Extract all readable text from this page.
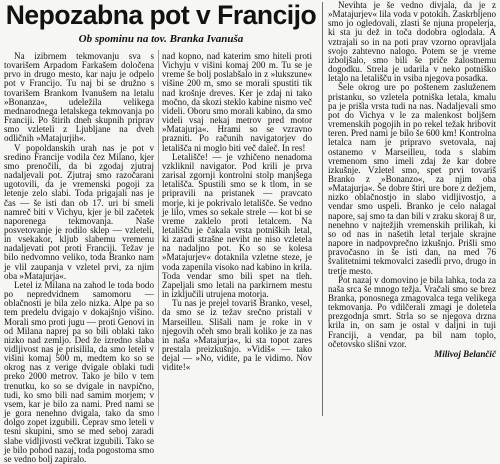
Nepozabna pot v Francijo
Ob spominu na tov. Branka Ivanuša

Na izibrnem tekmovanju sva s tovarišem Arpadom Farkašem določena prvo in drugo mesto, kar naju je odpelo pot v Francijo. Tu naj bi se družno s tovarišem Brankom Ivanušem na letalu »Bonanza«, udeležila velikega mednarodnega letalskega tekmovanja po Franciji. Po štirih dneh skupnih priprav smo vzleteli z Ljubljane na dveh odličnih »Matajurjih«.

V popoldanskih urah nas je pot v sredino Francije vodila čez Milano, kjer smo prenočili, da bi zgodaj zjutraj nadaljevali pot. Zjutraj smo razočarani ugotovili, da je vremenski pogoji za letenje zelo slabi. Toda prigajali nas je čas — še isti dan ob 17. uri bi smeli namreč biti v Vichyu, kjer je bil začetek naporenega tekmovanja. Naše posvetovanje je rodilo sklep — vzleteli, in vsekakor, kljub slabemu vremenu nadaljevati pot proti Franciji. Težav je bilo nedvomno veliko, toda Branko nam je vlil zaupanja v vzletel prvi, za njim oba »Matajurja«.

Letel iz Milana na zahod le toda bodo po nepredvidnem samomoru — oblačnosti je bila zelo nizka. Alpe pa so tem predelu dvigajo v dokajšnjo višino. Morali smo proti jugu — proti Genovi in od Milana naprej pa so bili oblaki tako nizko nad zemljo. Ded že izredno slaba vidljivost nas je prisilila, da smo leteli v višini komaj 500 m, medtem ko so se okrog nas z verige dvigale oblaki tudi preko 2000 metrov. Tako je bilo v tem trenutku, ko so se dvigale in navpično, tudi, ko smo bili nad samim morjem; v vsem, kar je bilo za nami. Pred nami se je gora nenehno dvigala, tako da smo dolgo zopet izgubili. Čeprav smo leteli v tesni skupini, smo se med seboj zaradi slabe vidljivosti večkrat izgubili. Tako se je bilo pohod nazaj, toda pogostoma smo se vedno bolj zapiralo.

nad kopno, nad katerim smo hiteli proti Vichyju v višini komaj 200 m. Tu se je vreme še bolj poslabšalo in z »lukszune« višine 200 m, smo se morali spustiti tik nad krošnje dreves. Ker je zdaj ni tako močno, da skozi steklo kabine nismo več videli. Oboru smo morali kabino, da smo videli vsaj nekaj metrov pred motor »Matajurja«. Hrami so se vzravno prazniti. Po računih navigatorjev do letališča ni moglo biti več daleč. In res!

Letališče! — je vzhičeno nenadoma vzkliknil navigator. Pod krili je prva zarisal zgornji kontrolni stolp manjšega letališča. Spustili smo se k tlom, in se pripravili na pristanek — pravcato morje, ki je pokrivalo letališče. Se vedno je lilo, vmes so sekale strele — kot bi se vreme zaklelo proti letalcem. Na letališču je čakala vrsta potniških letal, ki zaradi strašne neviht ne niso vzletela na nadaljno pot. Ko so se kolesa »Matajurjev« dotaknila vzletne steze, je voda zapenila visoko nad kabino in krila. Toda vendar smo bili spet na tleh. Zapeljali smo letali na parkirnem mestu in izključili utrujena motorja.

Tu nas je prejel tovariš Branko, vesel, da smo se iz težav srečno pristali v Marseilleu. Slišali nam je roke in v njegovih očeh smo brali koliko je za nas in naša »Matajurja«, ki sta topot zares prestala preizkušnjo. »Vidiš« — tako dejal — »No, vidite, pa le vidimo. Nov vidite!«

Nevihta je še vedno divjala, da je z »Matajurjev« lila voda v potokih. Zaskrbljeno smo jo ogledovali, zlasti še njuna propelerja, ki sta ju dež in toča dodobra oglodala. A vztrajali so in na poti prav vzorno opravljala svojo zahtevno nalogo. Potem se je vreme izboljšalo, smo bili še priče žalostnemu dogodku. Strela je udarila v neko potniško letalo na letališču in vsiba njegova posadka.

Šele okrog ure po poštenem zasluženem pristanku, so vzletela potniška letala, kmalu pa je prišla vrsta tudi na nas. Nadaljevali smo pot do Vichya v le za malenkost boljšem vremenskih pogojih in po rekel težak hribovit teren. Pred nami je bilo še 600 km! Kontrolna letalca nam je pripravo svetovala, naj ostanemo v Marseilleu, toda s slabim vremenom smo imeli zdaj že kar dobre izkušnje. Vzletel smo, spet prvi tovariš Branko z »Bonanzo«, za njim oba »Matajurja«. Še dobre štiri ure bore z dežjem, nizko oblačnostjo in slabo vidljivostjo, a vendar smo uspeli. Branko je celo nalagal napore, saj smo ta dan bili v zraku skoraj 8 ur, nenehno v najtežjih vremenskih prilikah, ki so od nas in našetih letal terjale skrajne napore in nadpovprečno izkušnjo. Prišli smo pravočasno in še isti dan, na med 76 švalitetnimi tekmovalci zasedli prvo, drugo in tretje mesto.

Pot nazaj v domovino je bila lahka, toda za naša srca še mnogo težja. Vračali smo se brez Branka, ponosnega zmagovalca tega velikega tekmovanja. Po vdilčerali zmagi je doletela prezgodnja smrt. Strla so se njegova drzna krila in, on sam je ostal v daljni in tuji Franciji, a vendar, pa bil nam toplo, očetovsko slišni vzor.

Milivoj Belančič
